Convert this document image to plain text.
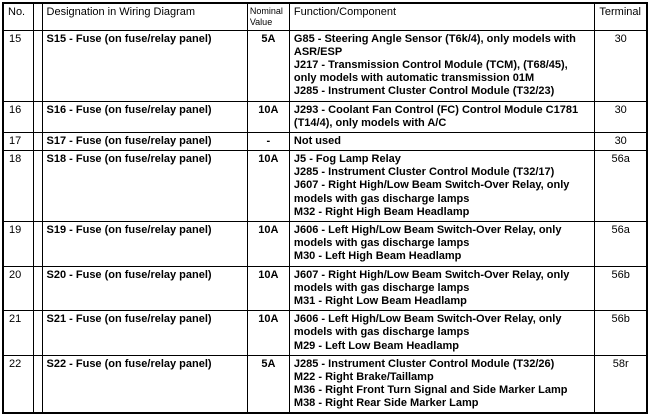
No.		Designation in Wiring Diagram	Nominal Value	Function/Component	Terminal
15		S15 - Fuse (on fuse/relay panel)	5A	G85 - Steering Angle Sensor (T6k/4), only models with ASR/ESP
J217 - Transmission Control Module (TCM), (T68/45), only models with automatic transmission 01M
J285 - Instrument Cluster Control Module (T32/23)	30
16		S16 - Fuse (on fuse/relay panel)	10A	J293 - Coolant Fan Control (FC) Control Module C1781 (T14/4), only models with A/C	30
17		S17 - Fuse (on fuse/relay panel)	-	Not used	30
18		S18 - Fuse (on fuse/relay panel)	10A	J5 - Fog Lamp Relay
J285 - Instrument Cluster Control Module (T32/17)
J607 - Right High/Low Beam Switch-Over Relay, only models with gas discharge lamps
M32 - Right High Beam Headlamp	56a
19		S19 - Fuse (on fuse/relay panel)	10A	J606 - Left High/Low Beam Switch-Over Relay, only models with gas discharge lamps
M30 - Left High Beam Headlamp	56a
20		S20 - Fuse (on fuse/relay panel)	10A	J607 - Right High/Low Beam Switch-Over Relay, only models with gas discharge lamps
M31 - Right Low Beam Headlamp	56b
21		S21 - Fuse (on fuse/relay panel)	10A	J606 - Left High/Low Beam Switch-Over Relay, only models with gas discharge lamps
M29 - Left Low Beam Headlamp	56b
22		S22 - Fuse (on fuse/relay panel)	5A	J285 - Instrument Cluster Control Module (T32/26)
M22 - Right Brake/Taillamp
M36 - Right Front Turn Signal and Side Marker Lamp
M38 - Right Rear Side Marker Lamp	58r
